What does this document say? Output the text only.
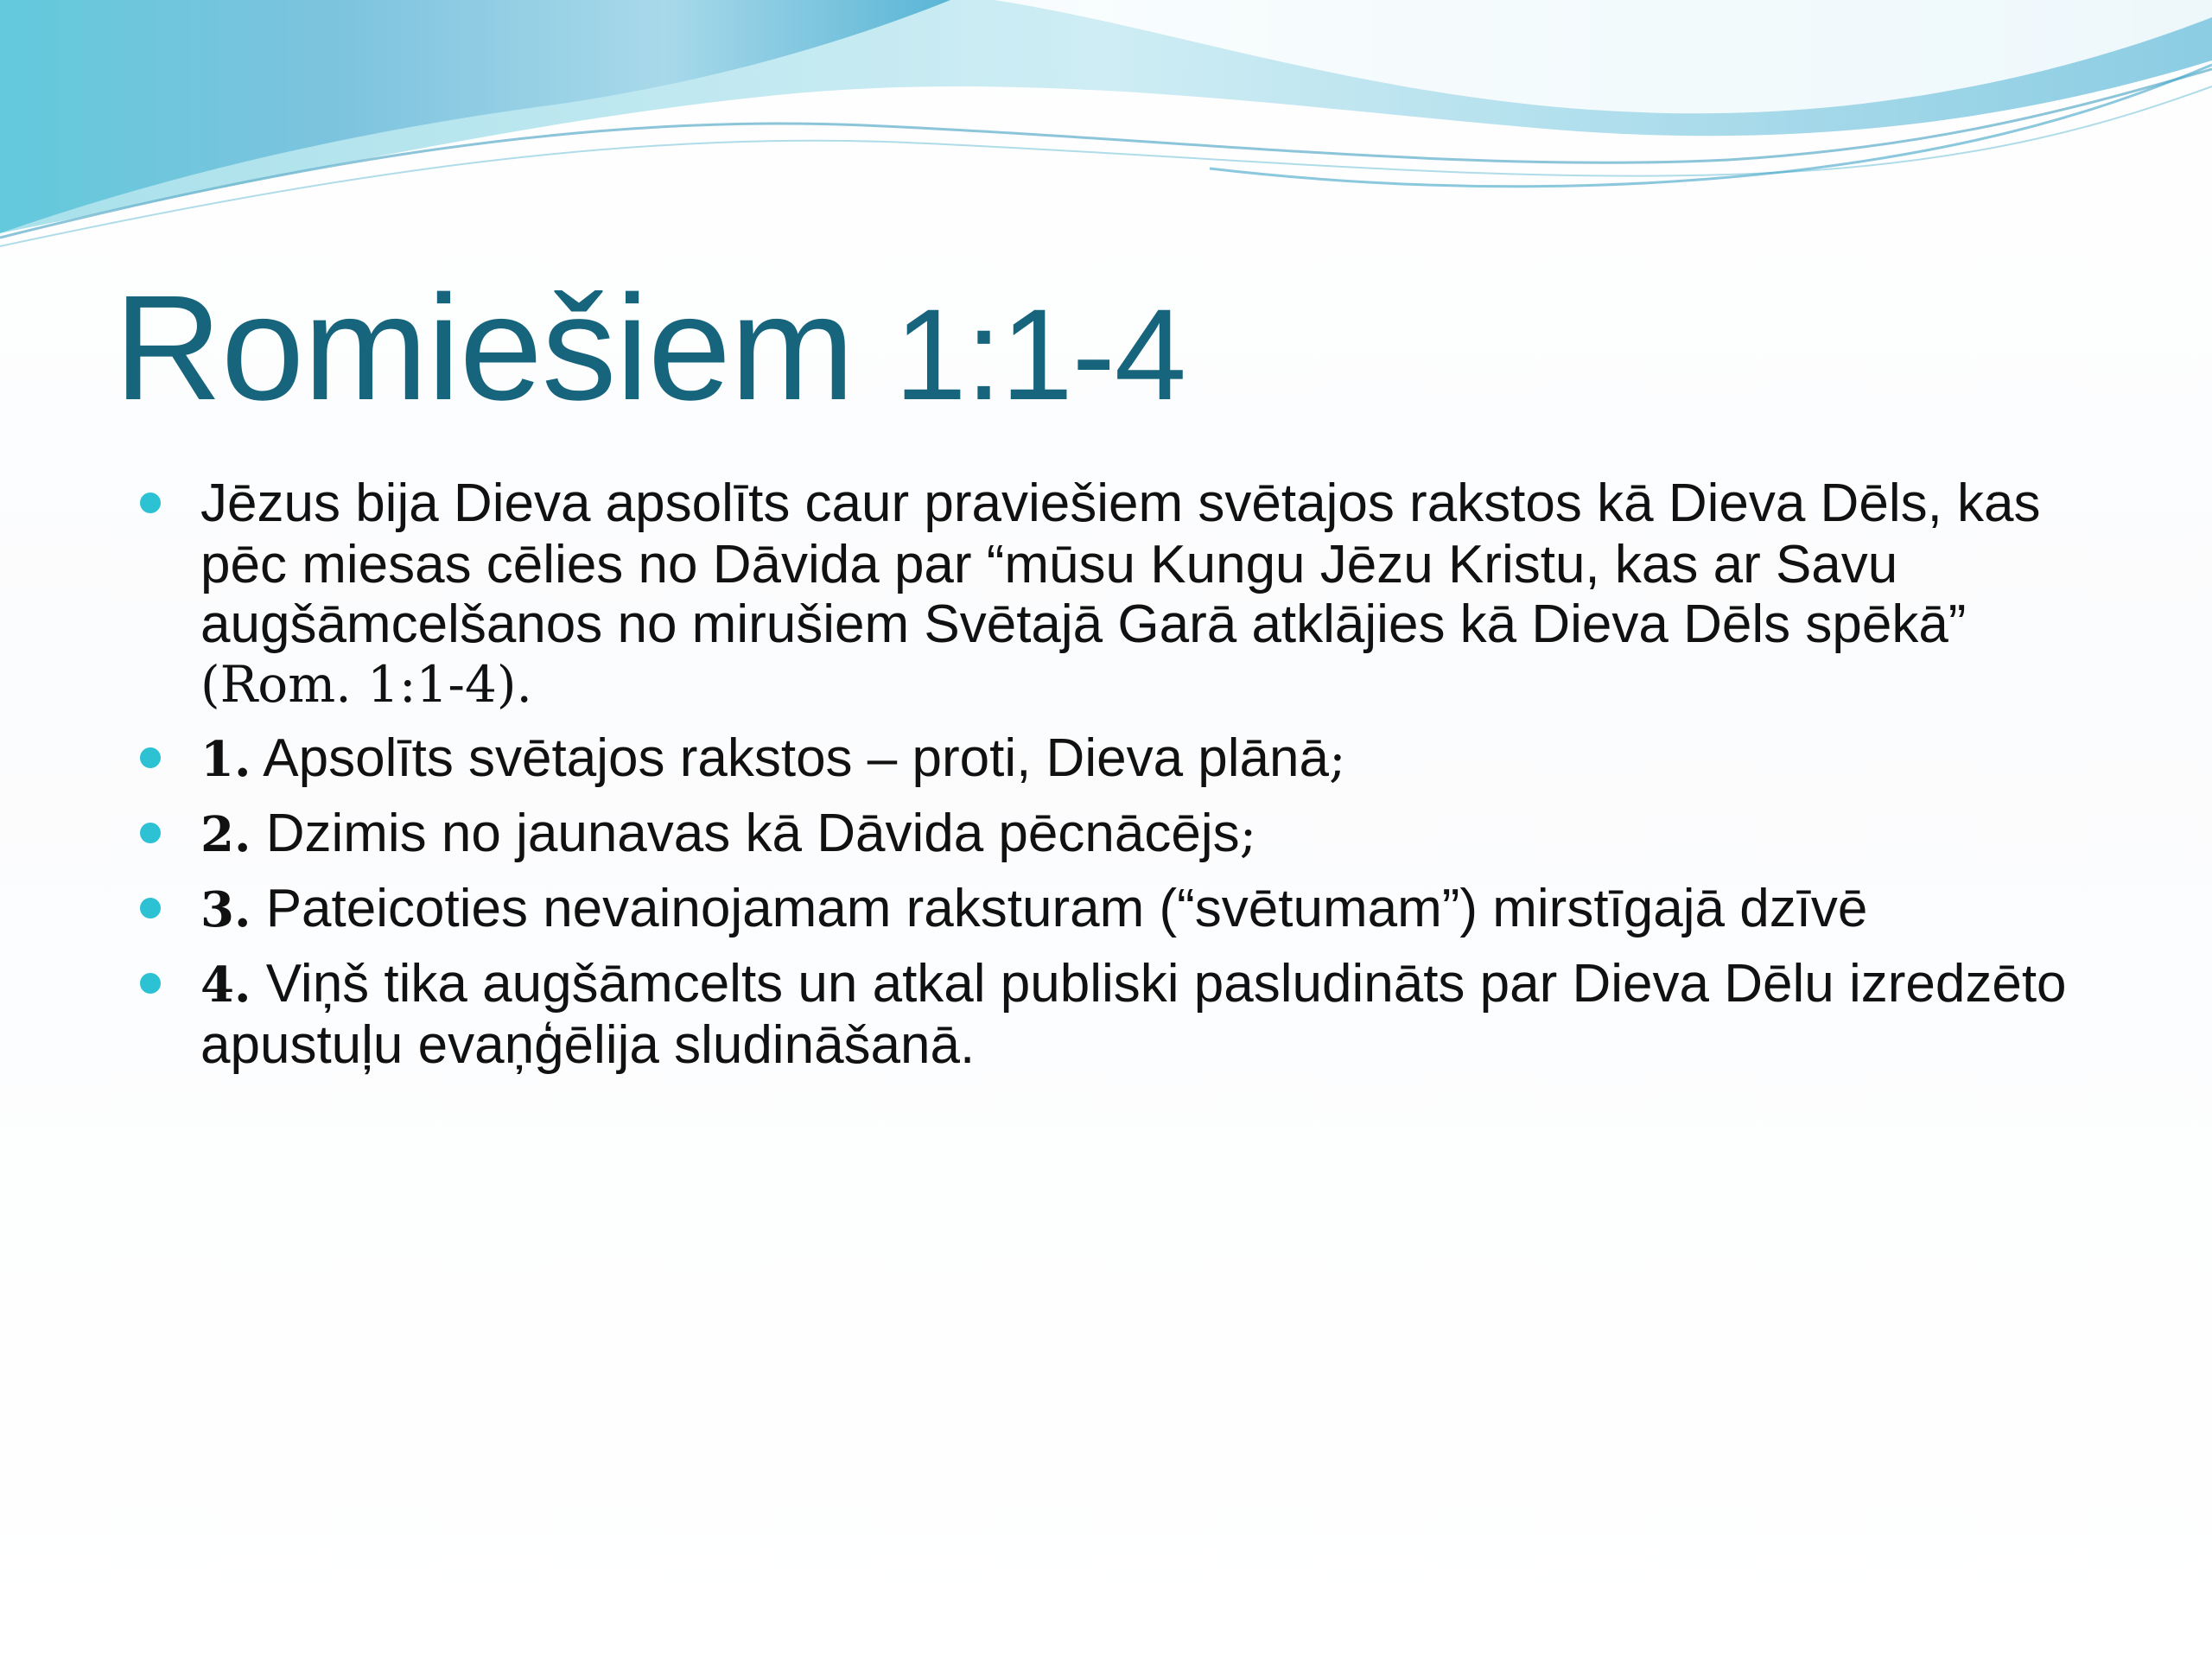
Romiešiem 1:1-4
Jēzus bija Dieva apsolīts caur praviešiem svētajos rakstos kā Dieva Dēls, kas pēc miesas cēlies no Dāvida par “mūsu Kungu Jēzu Kristu, kas ar Savu augšāmcelšanos no mirušiem Svētajā Garā atklājies kā Dieva Dēls spēkā” (Rom. 1:1-4).
1. Apsolīts svētajos rakstos – proti, Dieva plānā;
2. Dzimis no jaunavas kā Dāvida pēcnācējs;
3. Pateicoties nevainojamam raksturam (“svētumam”) mirstīgajā dzīvē
4. Viņš tika augšāmcelts un atkal publiski pasludināts par Dieva Dēlu izredzēto apustuļu evaņģēlija sludināšanā.
